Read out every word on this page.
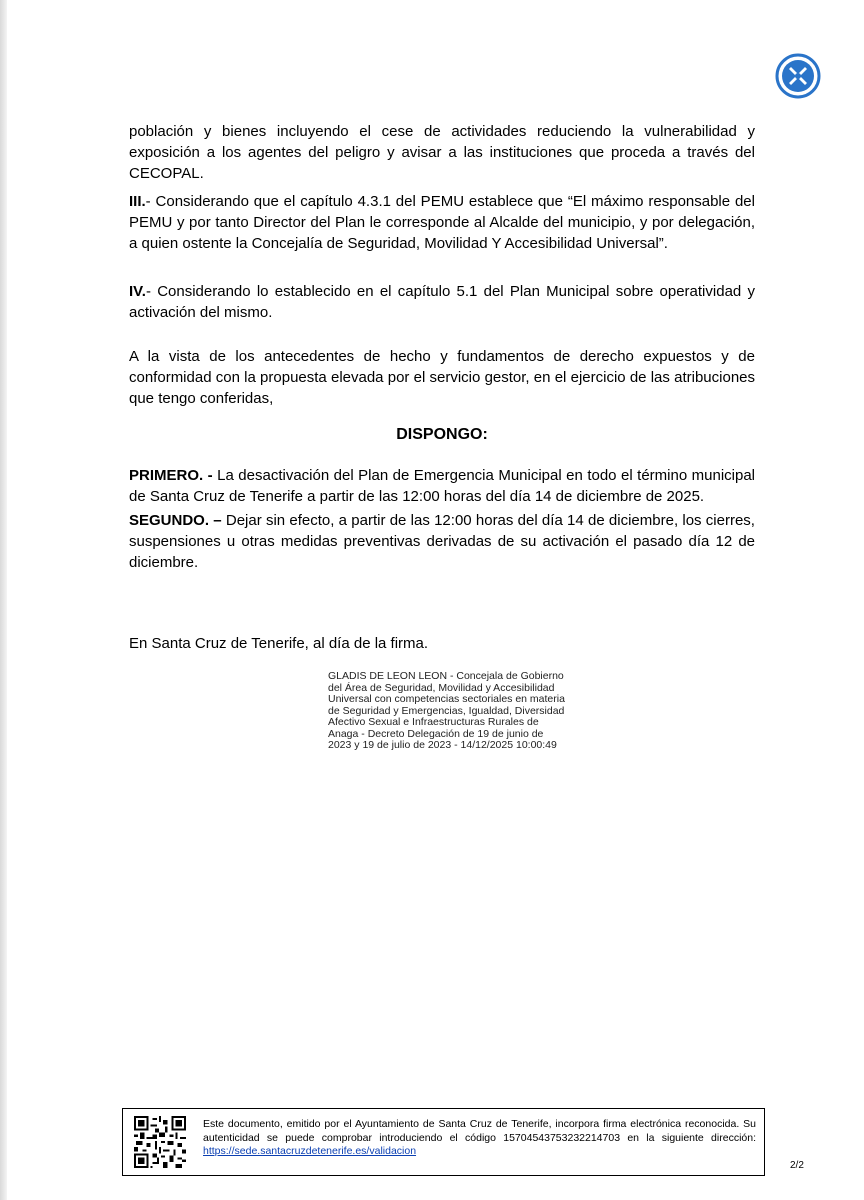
población y bienes incluyendo el cese de actividades reduciendo la vulnerabilidad y exposición a los agentes del peligro y avisar a las instituciones que proceda a través del CECOPAL.
III.- Considerando que el capítulo 4.3.1 del PEMU establece que “El máximo responsable del PEMU y por tanto Director del Plan le corresponde al Alcalde del municipio, y por delegación, a quien ostente la Concejalía de Seguridad, Movilidad Y Accesibilidad Universal”.
IV.- Considerando lo establecido en el capítulo 5.1 del Plan Municipal sobre operatividad y activación del mismo.
A la vista de los antecedentes de hecho y fundamentos de derecho expuestos y de conformidad con la propuesta elevada por el servicio gestor, en el ejercicio de las atribuciones que tengo conferidas,
DISPONGO:
PRIMERO. - La desactivación del Plan de Emergencia Municipal en todo el término municipal de Santa Cruz de Tenerife a partir de las 12:00 horas del día 14 de diciembre de 2025.
SEGUNDO. – Dejar sin efecto, a partir de las 12:00 horas del día 14 de diciembre, los cierres, suspensiones u otras medidas preventivas derivadas de su activación el pasado día 12 de diciembre.
En Santa Cruz de Tenerife, al día de la firma.
GLADIS DE LEON LEON - Concejala de Gobierno del Área de Seguridad, Movilidad y Accesibilidad Universal con competencias sectoriales en materia de Seguridad y Emergencias, Igualdad, Diversidad Afectivo Sexual e Infraestructuras Rurales de Anaga - Decreto Delegación de 19 de junio de 2023 y 19 de julio de 2023 - 14/12/2025 10:00:49
Este documento, emitido por el Ayuntamiento de Santa Cruz de Tenerife, incorpora firma electrónica reconocida. Su autenticidad se puede comprobar introduciendo el código 15704543753232214703 en la siguiente dirección: https://sede.santacruzdetenerife.es/validacion
2/2
